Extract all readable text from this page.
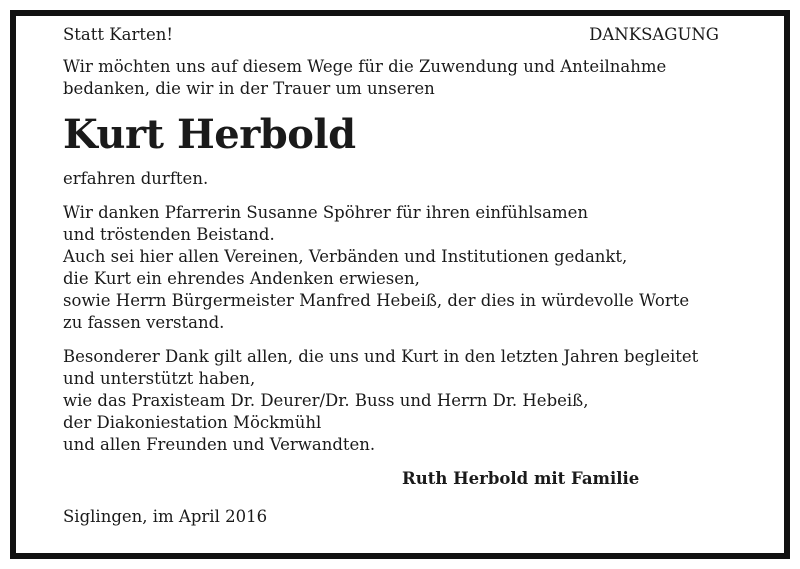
Statt Karten!	DANKSAGUNG
Wir möchten uns auf diesem Wege für die Zuwendung und Anteilnahme
bedanken, die wir in der Trauer um unseren
Kurt Herbold
erfahren durften.
Wir danken Pfarrerin Susanne Spöhrer für ihren einfühlsamen
und tröstenden Beistand.
Auch sei hier allen Vereinen, Verbänden und Institutionen gedankt,
die Kurt ein ehrendes Andenken erwiesen,
sowie Herrn Bürgermeister Manfred Hebeiß, der dies in würdevolle Worte
zu fassen verstand.
Besonderer Dank gilt allen, die uns und Kurt in den letzten Jahren begleitet
und unterstützt haben,
wie das Praxisteam Dr. Deurer/Dr. Buss und Herrn Dr. Hebeiß,
der Diakoniestation Möckmühl
und allen Freunden und Verwandten.
Ruth Herbold mit Familie
Siglingen, im April 2016
